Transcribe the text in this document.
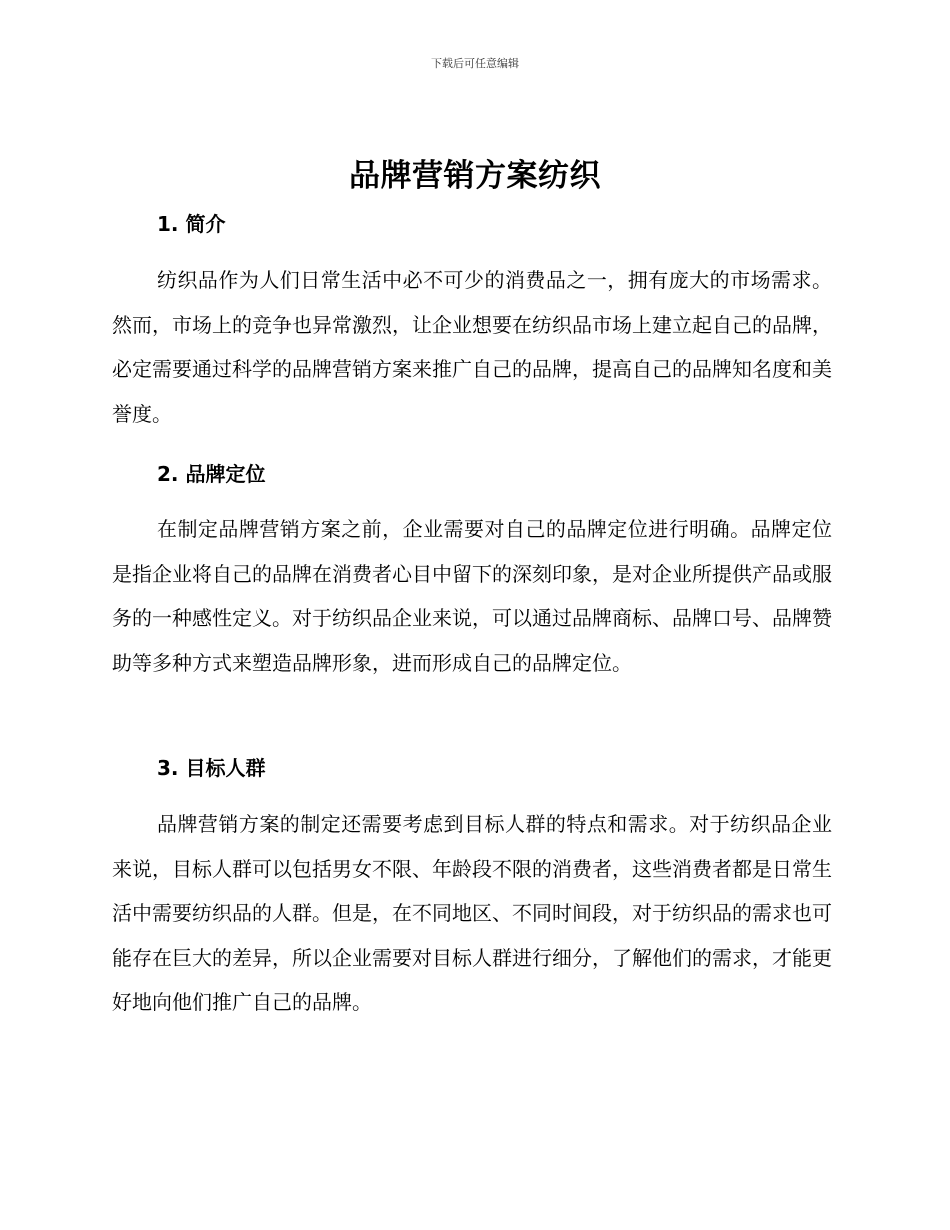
下载后可任意编辑
品牌营销方案纺织
1. 简介

纺织品作为人们日常生活中必不可少的消费品之一，拥有庞大的市场需求。然而，市场上的竞争也异常激烈，让企业想要在纺织品市场上建立起自己的品牌，必定需要通过科学的品牌营销方案来推广自己的品牌，提高自己的品牌知名度和美誉度。

2. 品牌定位

在制定品牌营销方案之前，企业需要对自己的品牌定位进行明确。品牌定位是指企业将自己的品牌在消费者心目中留下的深刻印象，是对企业所提供产品或服务的一种感性定义。对于纺织品企业来说，可以通过品牌商标、品牌口号、品牌赞助等多种方式来塑造品牌形象，进而形成自己的品牌定位。

3. 目标人群

品牌营销方案的制定还需要考虑到目标人群的特点和需求。对于纺织品企业来说，目标人群可以包括男女不限、年龄段不限的消费者，这些消费者都是日常生活中需要纺织品的人群。但是，在不同地区、不同时间段，对于纺织品的需求也可能存在巨大的差异，所以企业需要对目标人群进行细分，了解他们的需求，才能更好地向他们推广自己的品牌。
